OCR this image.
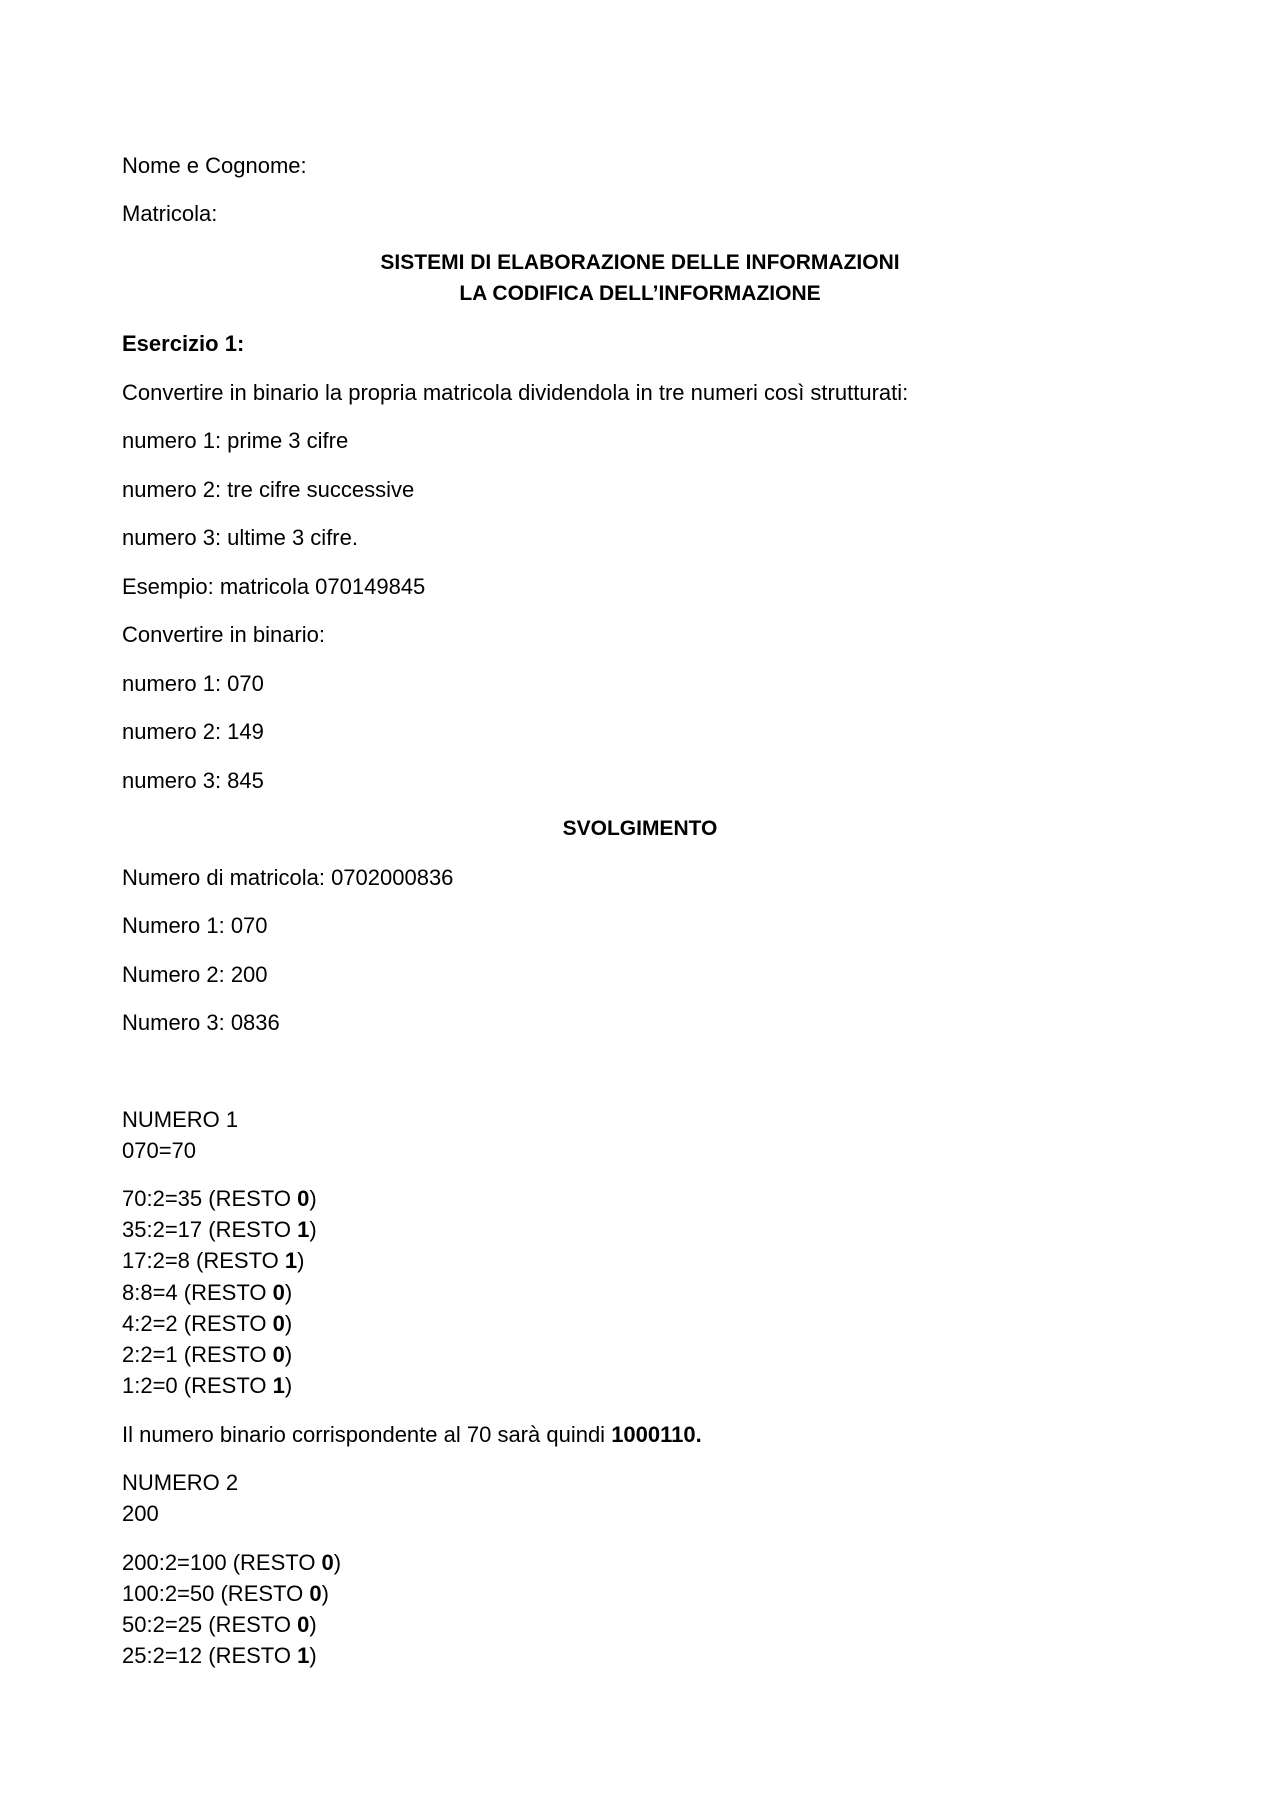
Nome e Cognome:
Matricola:
SISTEMI DI ELABORAZIONE DELLE INFORMAZIONI
LA CODIFICA DELL’INFORMAZIONE
Esercizio 1:
Convertire in binario la propria matricola dividendola in tre numeri così strutturati:
numero 1: prime 3 cifre
numero 2: tre cifre successive
numero 3: ultime 3 cifre.
Esempio: matricola 070149845
Convertire in binario:
numero 1: 070
numero 2: 149
numero 3: 845
SVOLGIMENTO
Numero di matricola: 0702000836
Numero 1: 070
Numero 2: 200
Numero 3: 0836
NUMERO 1
070=70
70:2=35 (RESTO 0)
35:2=17 (RESTO 1)
17:2=8 (RESTO 1)
8:8=4 (RESTO 0)
4:2=2 (RESTO 0)
2:2=1 (RESTO 0)
1:2=0 (RESTO 1)
Il numero binario corrispondente al 70 sarà quindi 1000110.
NUMERO 2
200
200:2=100 (RESTO 0)
100:2=50 (RESTO 0)
50:2=25 (RESTO 0)
25:2=12 (RESTO 1)
